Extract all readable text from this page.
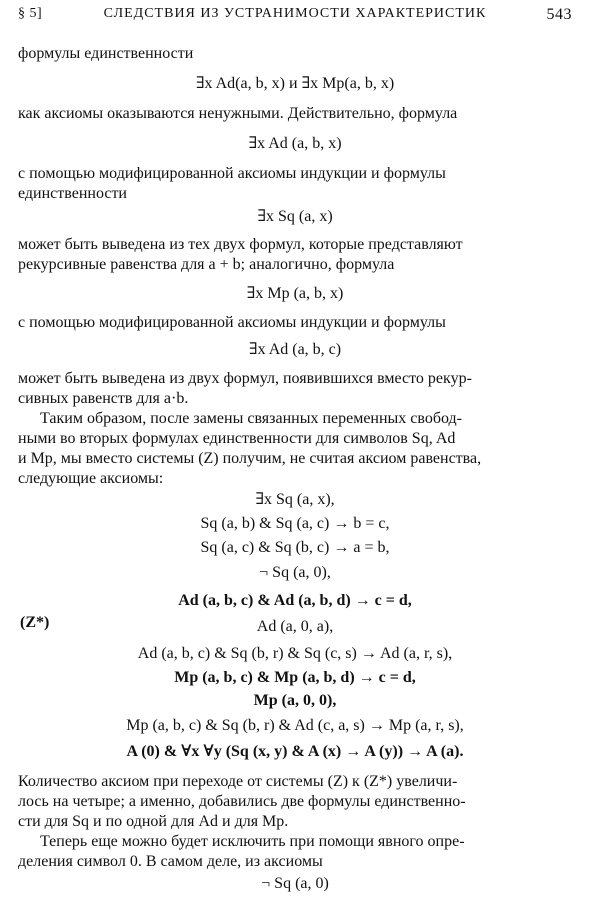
§ 5]	СЛЕДСТВИЯ ИЗ УСТРАНИМОСТИ ХАРАКТЕРИСТИК	543
формулы единственности
∃x Ad(a, b, x) и ∃x Mp(a, b, x)
как аксиомы оказываются ненужными. Действительно, формула
∃x Ad (a, b, x)
с помощью модифицированной аксиомы индукции и формулы
единственности
∃x Sq (a, x)
может быть выведена из тех двух формул, которые представляют
рекурсивные равенства для a + b; аналогично, формула
∃x Mp (a, b, x)
с помощью модифицированной аксиомы индукции и формулы
∃x Ad (a, b, c)
может быть выведена из двух формул, появившихся вместо рекур-
сивных равенств для a·b.
Таким образом, после замены связанных переменных свобод-
ными во вторых формулах единственности для символов Sq, Ad
и Mp, мы вместо системы (Z) получим, не считая аксиом равенства,
следующие аксиомы:
(Z*)
∃x Sq (a, x),
Sq (a, b) & Sq (a, c) → b = c,
Sq (a, c) & Sq (b, c) → a = b,
¬ Sq (a, 0),
Ad (a, b, c) & Ad (a, b, d) → c = d,
Ad (a, 0, a),
Ad (a, b, c) & Sq (b, r) & Sq (c, s) → Ad (a, r, s),
Mp (a, b, c) & Mp (a, b, d) → c = d,
Mp (a, 0, 0),
Mp (a, b, c) & Sq (b, r) & Ad (c, a, s) → Mp (a, r, s),
A (0) & ∀x ∀y (Sq (x, y) & A (x) → A (y)) → A (a).
Количество аксиом при переходе от системы (Z) к (Z*) увеличи-
лось на четыре; а именно, добавились две формулы единственно-
сти для Sq и по одной для Ad и для Mp.
Теперь еще можно будет исключить при помощи явного опре-
деления символ 0. В самом деле, из аксиомы
¬ Sq (a, 0)
